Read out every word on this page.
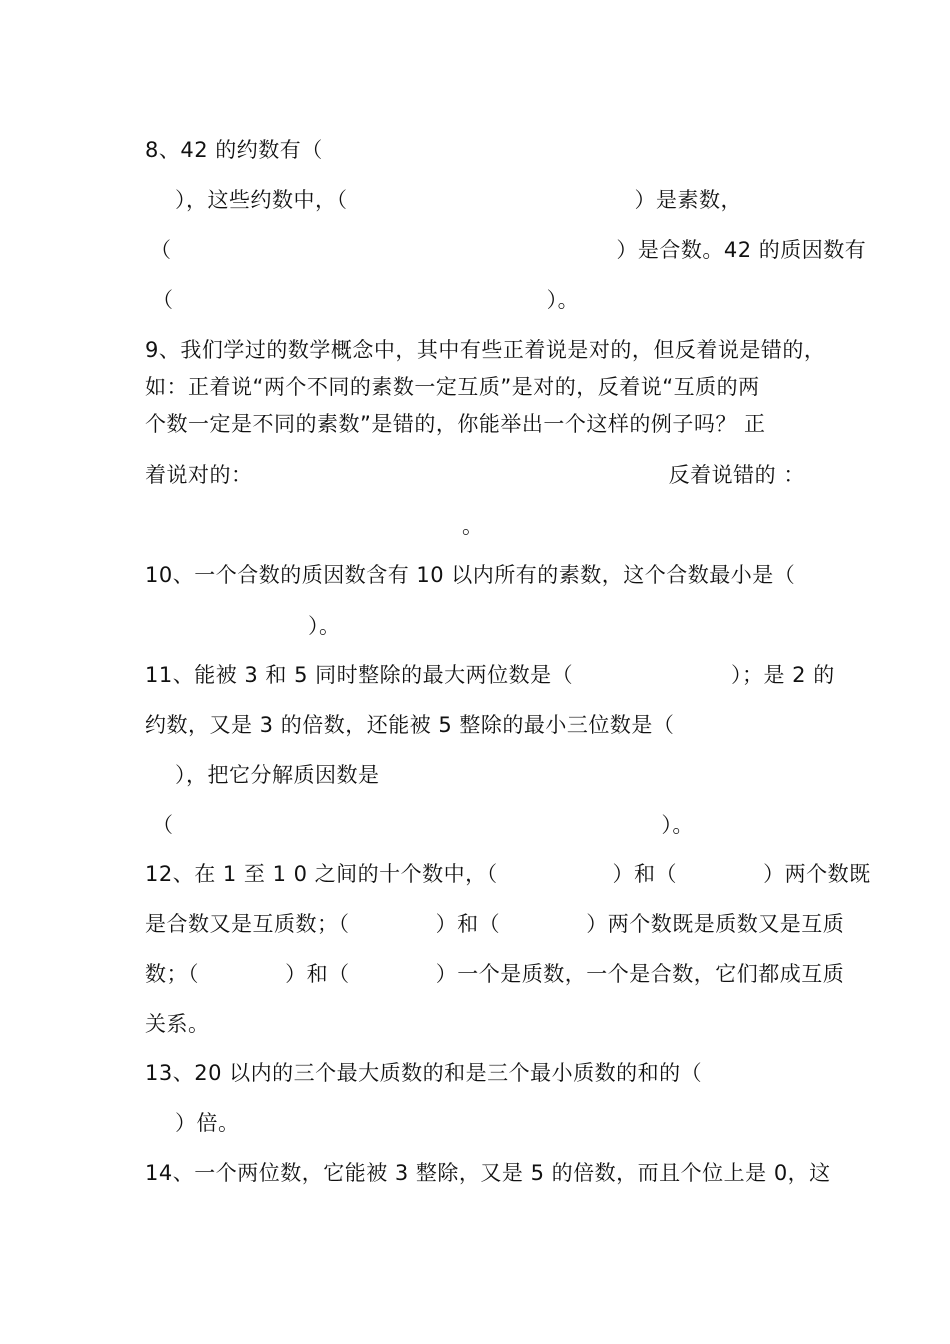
8、42 的约数有（
），这些约数中，（                                        ）是素数，
（                                                              ）是合数。42 的质因数有
（                                                    ）。
9、我们学过的数学概念中，其中有些正着说是对的，但反着说是错的，
如：正着说“两个不同的素数一定互质”是对的，反着说“互质的两
个数一定是不同的素数”是错的，你能举出一个这样的例子吗？ 正
着说对的：                                                          反着说错的 ：
。
10、一个合数的质因数含有 10 以内所有的素数，这个合数最小是（
）。
11、能被 3 和 5 同时整除的最大两位数是（                      ）；是 2 的
约数，又是 3 的倍数，还能被 5 整除的最小三位数是（
），把它分解质因数是
（                                                                    ）。
12、在 1 至 1 0 之间的十个数中，（                ）和（            ）两个数既
是合数又是互质数；（            ）和（            ）两个数既是质数又是互质
数；（            ）和（            ）一个是质数，一个是合数，它们都成互质
关系。
13、20 以内的三个最大质数的和是三个最小质数的和的（
）倍。
14、一个两位数，它能被 3 整除，又是 5 的倍数，而且个位上是 0，这
